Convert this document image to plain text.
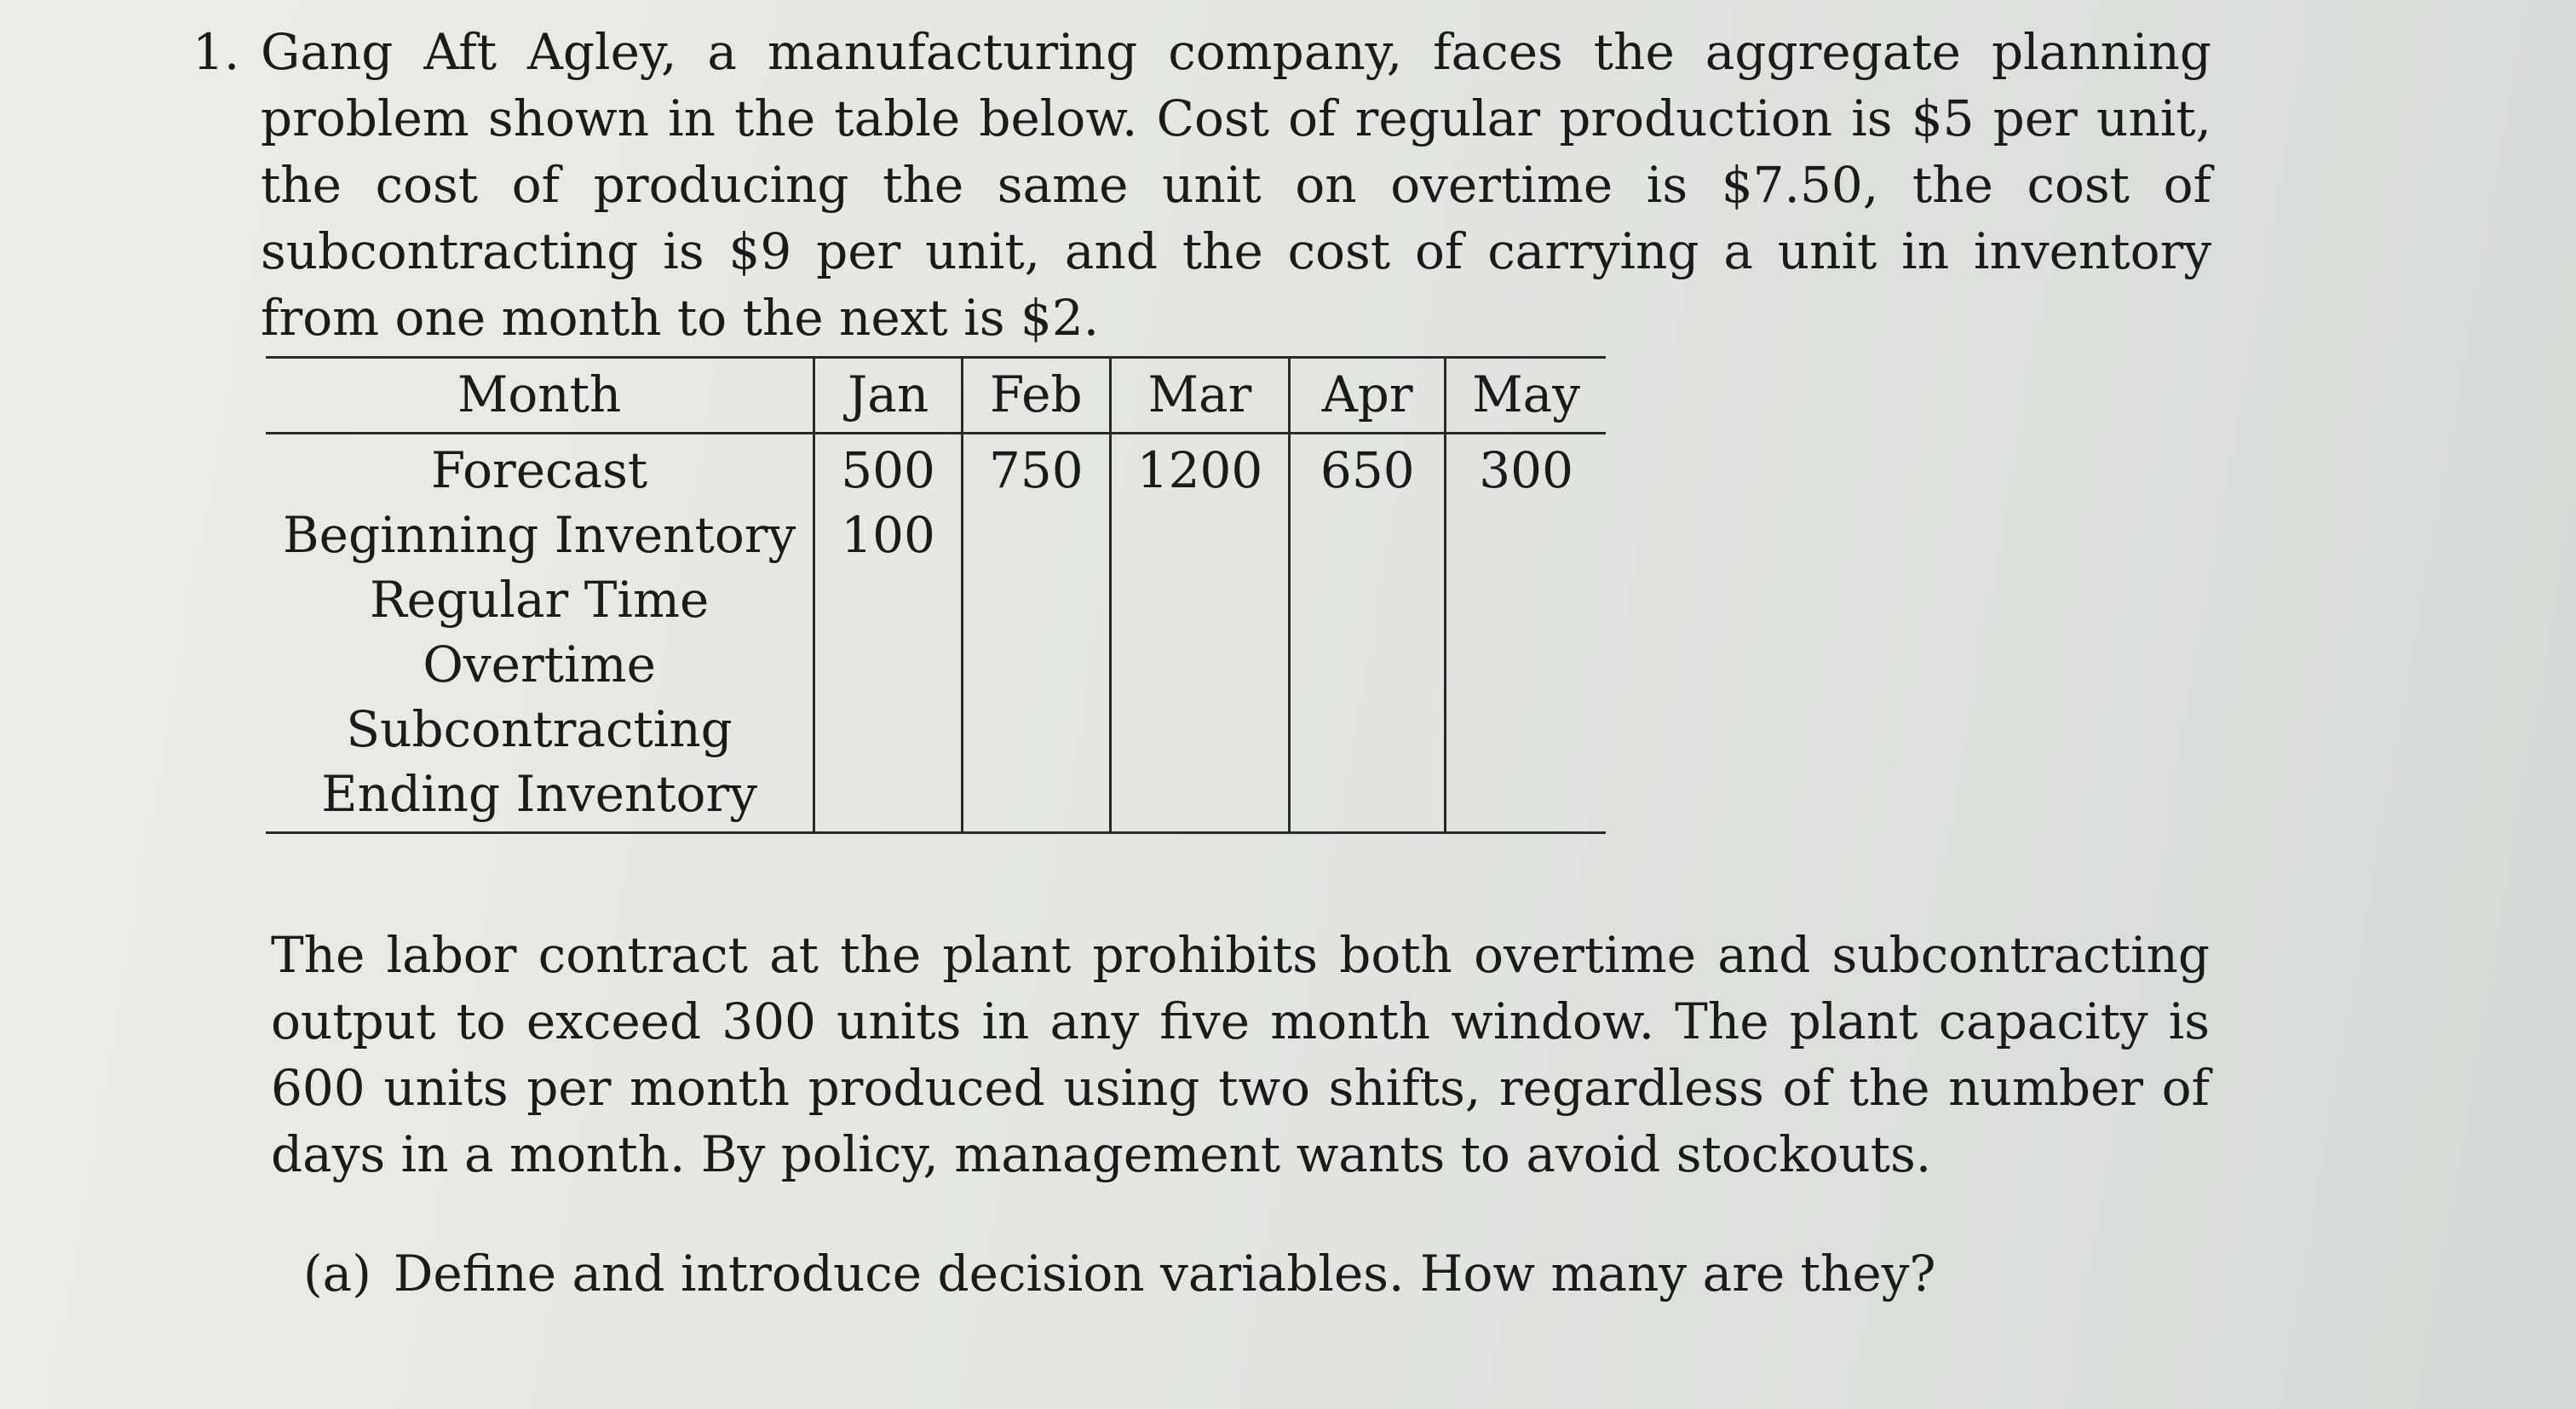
1. Gang Aft Agley, a manufacturing company, faces the aggregate planning problem shown in the table below. Cost of regular production is $5 per unit, the cost of producing the same unit on overtime is $7.50, the cost of subcontracting is $9 per unit, and the cost of carrying a unit in inventory from one month to the next is $2.
Month	Jan	Feb	Mar	Apr	May
Forecast	500	750	1200	650	300
Beginning Inventory	100				
Regular Time					
Overtime					
Subcontracting					
Ending Inventory					
The labor contract at the plant prohibits both overtime and subcontracting output to exceed 300 units in any five month window. The plant capacity is 600 units per month produced using two shifts, regardless of the number of days in a month. By policy, management wants to avoid stockouts.
(a) Define and introduce decision variables. How many are they?
